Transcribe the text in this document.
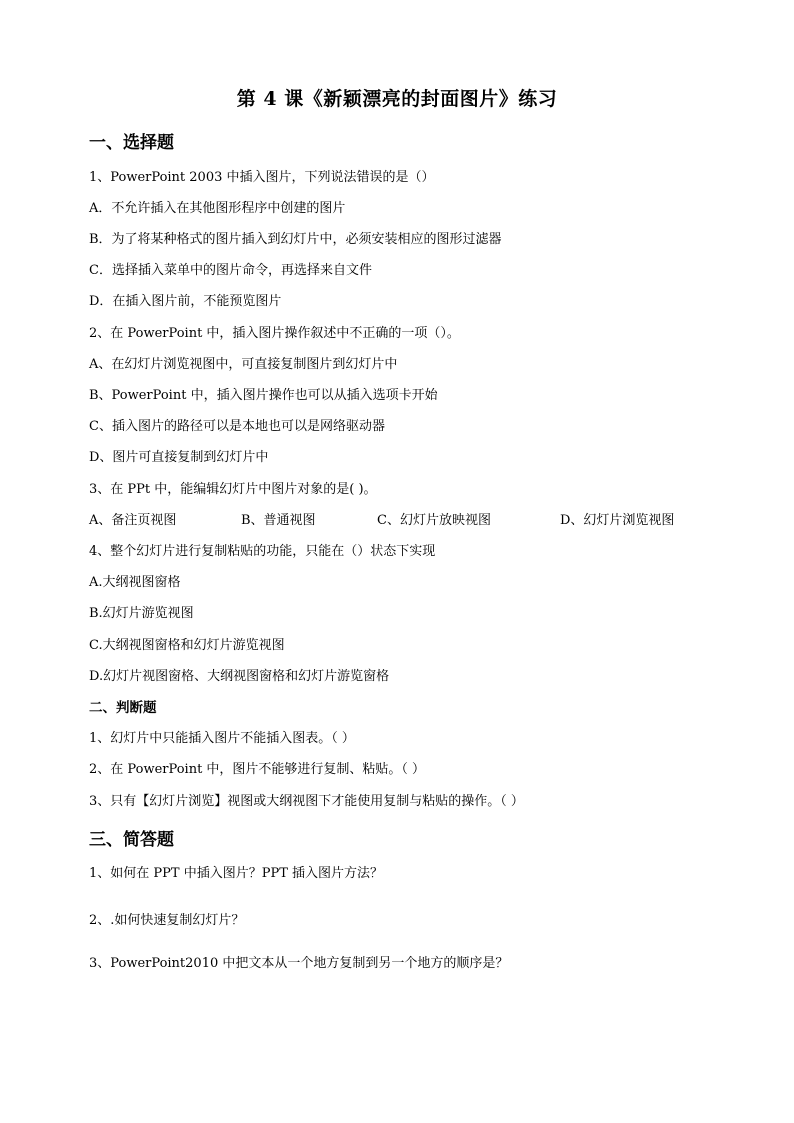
第 4 课《新颖漂亮的封面图片》练习
一、选择题
1、PowerPoint 2003 中插入图片，下列说法错误的是（）
A．不允许插入在其他图形程序中创建的图片
B．为了将某种格式的图片插入到幻灯片中，必须安装相应的图形过滤器
C．选择插入菜单中的图片命令，再选择来自文件
D．在插入图片前，不能预览图片
2、在 PowerPoint 中，插入图片操作叙述中不正确的一项（）。
A、在幻灯片浏览视图中，可直接复制图片到幻灯片中
B、PowerPoint 中，插入图片操作也可以从插入选项卡开始
C、插入图片的路径可以是本地也可以是网络驱动器
D、图片可直接复制到幻灯片中
3、在 PPt 中，能编辑幻灯片中图片对象的是( )。
A、备注页视图	B、普通视图	C、幻灯片放映视图	D、幻灯片浏览视图
4、整个幻灯片进行复制粘贴的功能，只能在（）状态下实现
A.大纲视图窗格
B.幻灯片游览视图
C.大纲视图窗格和幻灯片游览视图
D.幻灯片视图窗格、大纲视图窗格和幻灯片游览窗格
二、判断题
1、幻灯片中只能插入图片不能插入图表。（ ）
2、在 PowerPoint 中，图片不能够进行复制、粘贴。（ ）
3、只有【幻灯片浏览】视图或大纲视图下才能使用复制与粘贴的操作。（ ）
三、简答题
1、如何在 PPT 中插入图片？PPT 插入图片方法？
2、.如何快速复制幻灯片？
3、PowerPoint2010 中把文本从一个地方复制到另一个地方的顺序是？
